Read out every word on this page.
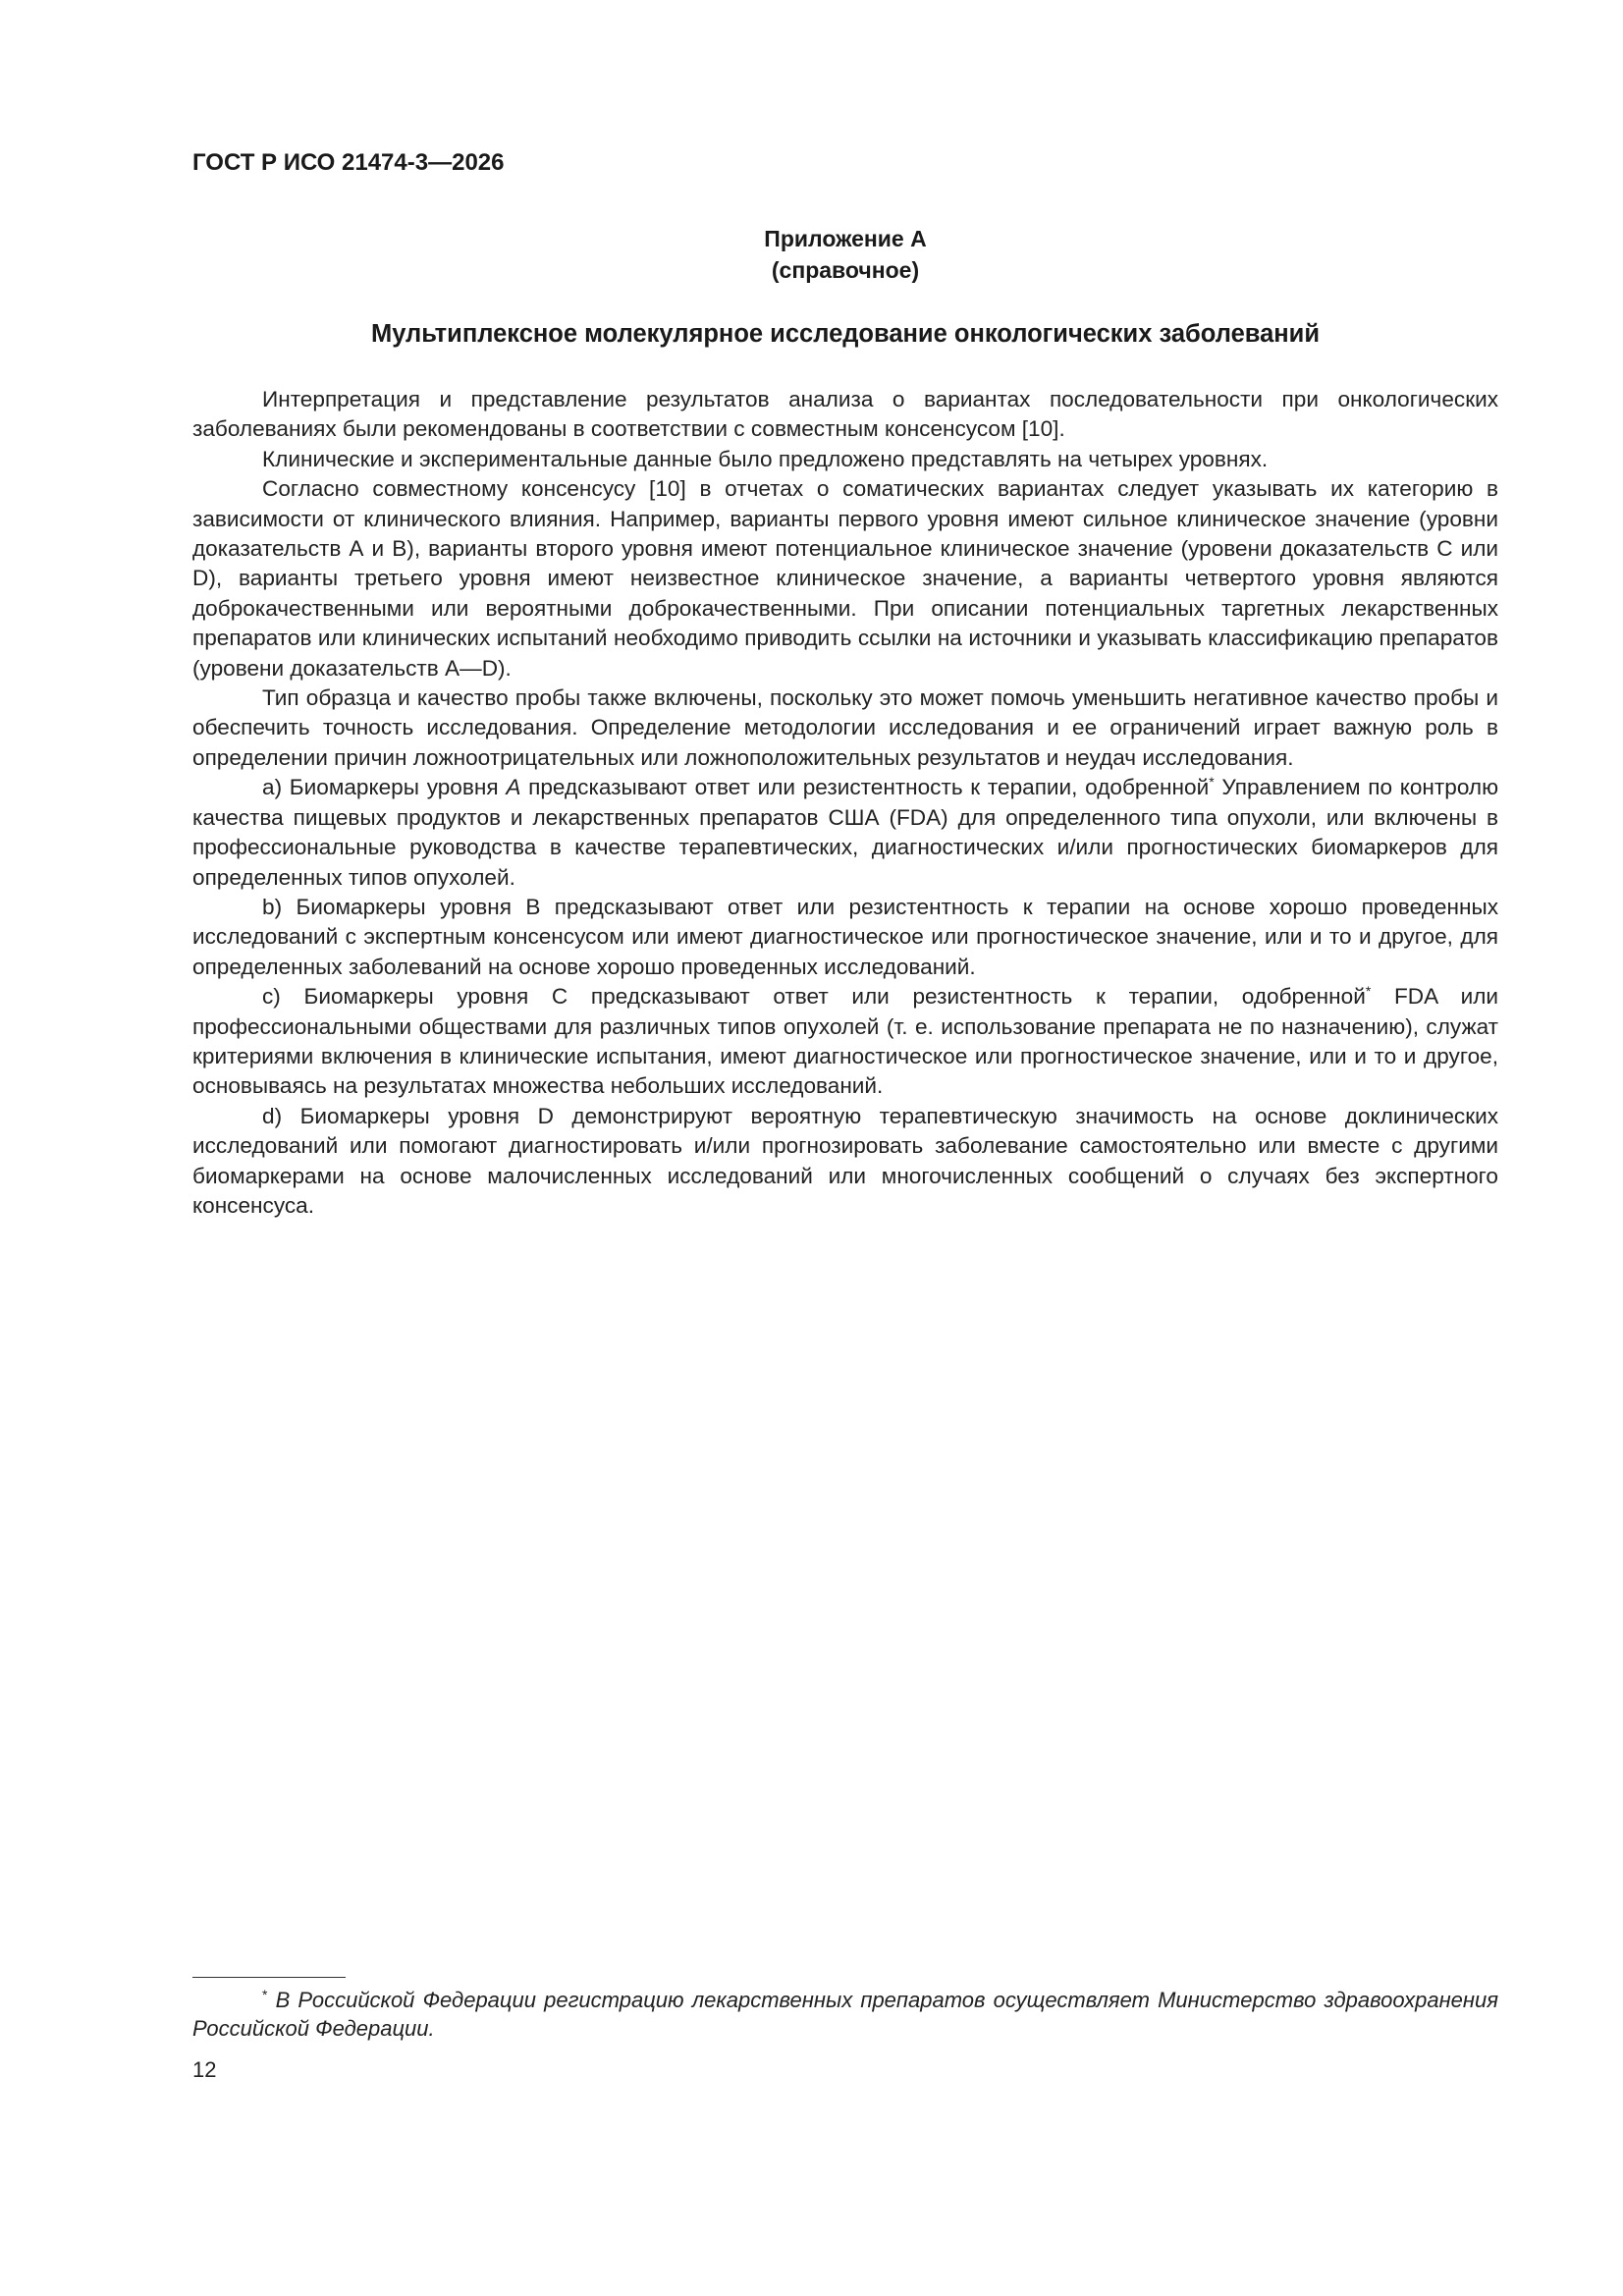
ГОСТ Р ИСО 21474-3—2026
Приложение А
(справочное)
Мультиплексное молекулярное исследование онкологических заболеваний

Интерпретация и представление результатов анализа о вариантах последовательности при онкологических заболеваниях были рекомендованы в соответствии с совместным консенсусом [10].

Клинические и экспериментальные данные было предложено представлять на четырех уровнях.

Согласно совместному консенсусу [10] в отчетах о соматических вариантах следует указывать их категорию в зависимости от клинического влияния. Например, варианты первого уровня имеют сильное клиническое значение (уровни доказательств А и В), варианты второго уровня имеют потенциальное клиническое значение (уровени доказательств С или D), варианты третьего уровня имеют неизвестное клиническое значение, а варианты четвертого уровня являются доброкачественными или вероятными доброкачественными. При описании потенциальных таргетных лекарственных препаратов или клинических испытаний необходимо приводить ссылки на источники и указывать классификацию препаратов (уровени доказательств А—D).

Тип образца и качество пробы также включены, поскольку это может помочь уменьшить негативное качество пробы и обеспечить точность исследования. Определение методологии исследования и ее ограничений играет важную роль в определении причин ложноотрицательных или ложноположительных результатов и неудач исследования.

a) Биомаркеры уровня А предсказывают ответ или резистентность к терапии, одобренной* Управлением по контролю качества пищевых продуктов и лекарственных препаратов США (FDA) для определенного типа опухоли, или включены в профессиональные руководства в качестве терапевтических, диагностических и/или прогностических биомаркеров для определенных типов опухолей.

b) Биомаркеры уровня В предсказывают ответ или резистентность к терапии на основе хорошо проведенных исследований с экспертным консенсусом или имеют диагностическое или прогностическое значение, или и то и другое, для определенных заболеваний на основе хорошо проведенных исследований.

c) Биомаркеры уровня С предсказывают ответ или резистентность к терапии, одобренной* FDA или профессиональными обществами для различных типов опухолей (т. е. использование препарата не по назначению), служат критериями включения в клинические испытания, имеют диагностическое или прогностическое значение, или и то и другое, основываясь на результатах множества небольших исследований.

d) Биомаркеры уровня D демонстрируют вероятную терапевтическую значимость на основе доклинических исследований или помогают диагностировать и/или прогнозировать заболевание самостоятельно или вместе с другими биомаркерами на основе малочисленных исследований или многочисленных сообщений о случаях без экспертного консенсуса.

* В Российской Федерации регистрацию лекарственных препаратов осуществляет Министерство здравоохранения Российской Федерации.
12
